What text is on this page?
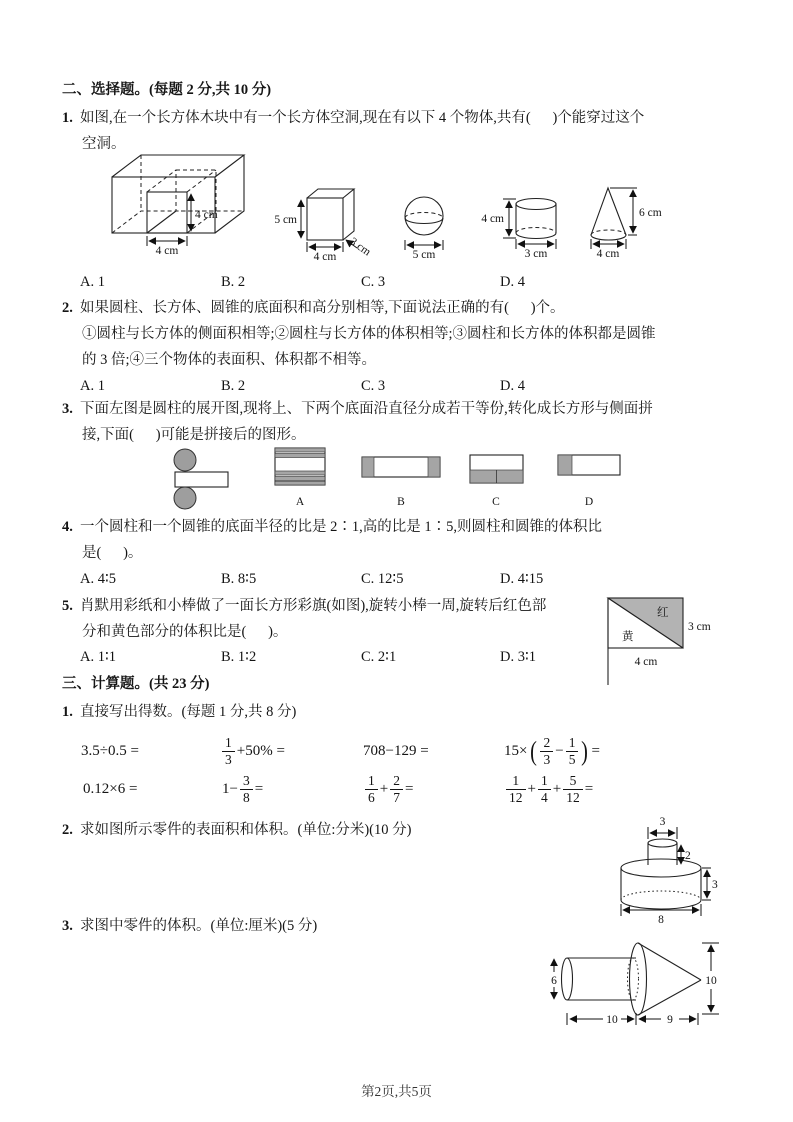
二、选择题。(每题 2 分,共 10 分)
1. 如图,在一个长方体木块中有一个长方体空洞,现在有以下 4 个物体,共有(      )个能穿过这个
空洞。
4 cm
4 cm
5 cm
4 cm 3 cm	5 cm
4 cm
3 cm
6 cm
4 cm
A. 1	B. 2	C. 3	D. 4
2. 如果圆柱、长方体、圆锥的底面积和高分别相等,下面说法正确的有(      )个。
①圆柱与长方体的侧面积相等;②圆柱与长方体的体积相等;③圆柱和长方体的体积都是圆锥
的 3 倍;④三个物体的表面积、体积都不相等。
A. 1	B. 2	C. 3	D. 4
3. 下面左图是圆柱的展开图,现将上、下两个底面沿直径分成若干等份,转化成长方形与侧面拼
接,下面(      )可能是拼接后的图形。
A	B	C	D
4. 一个圆柱和一个圆锥的底面半径的比是 2∶1,高的比是 1∶5,则圆柱和圆锥的体积比
是(      )。
A. 4∶5	B. 8∶5	C. 12∶5	D. 4∶15
5. 肖默用彩纸和小棒做了一面长方形彩旗(如图),旋转小棒一周,旋转后红色部
分和黄色部分的体积比是(      )。
A. 1∶1	B. 1∶2	C. 2∶1	D. 3∶1
红
黄
3 cm
4 cm
三、计算题。(共 23 分)
1. 直接写出得数。(每题 1 分,共 8 分)
3.5÷0.5 =	$\frac{1}{3} +50\%$ =	708−129 =	15× ( $\frac{2}{3} - \frac{1}{5}$ ) =
0.12×6 =	$1- \frac{3}{8}$ =	$\frac{1}{6} + \frac{2}{7}$ =	$\frac{1}{12} + \frac{1}{4} + \frac{5}{12}$ =
2. 求如图所示零件的表面积和体积。(单位:分米)(10 分)	3
2
3
8
3. 求图中零件的体积。(单位:厘米)(5 分)
6	10
10	9
第2页,共5页
